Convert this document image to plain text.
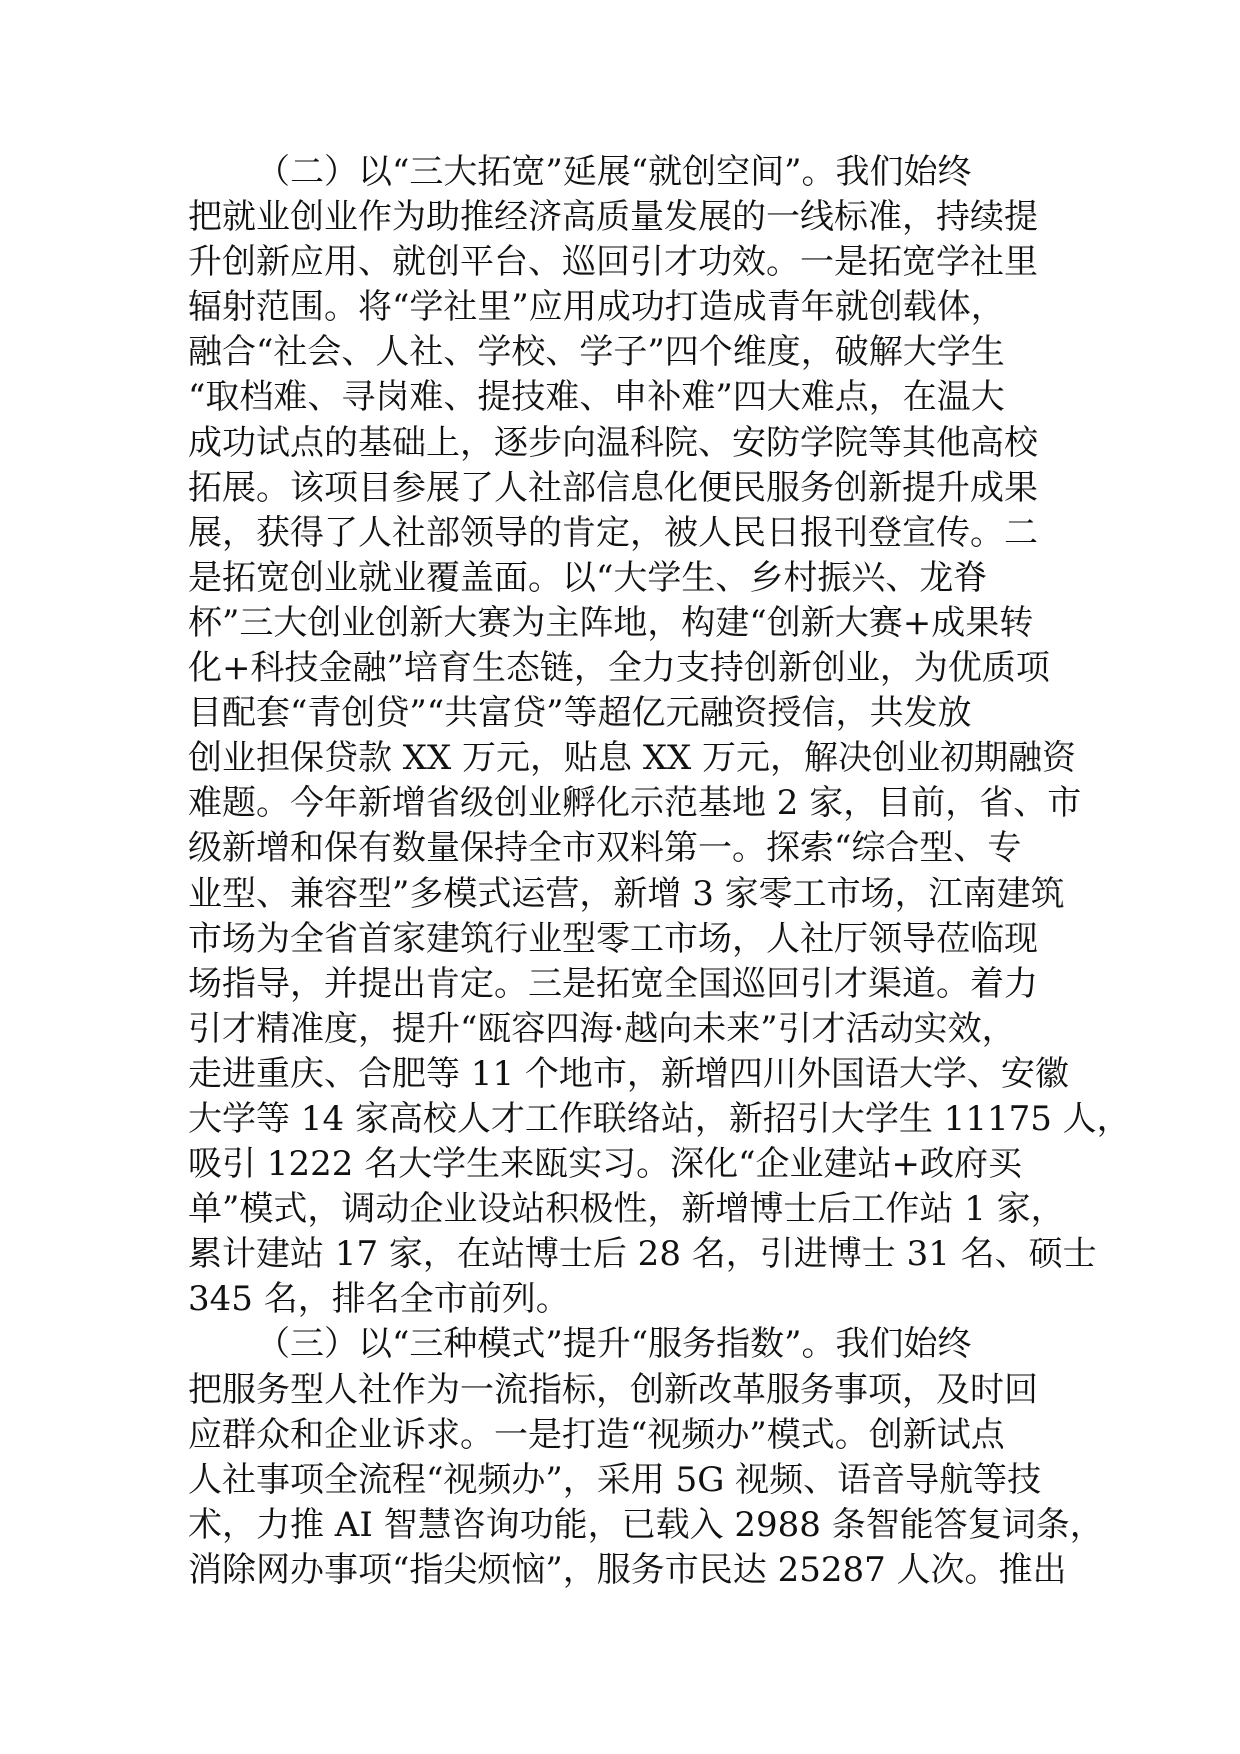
（二）以“三大拓宽”延展“就创空间”。我们始终
把就业创业作为助推经济高质量发展的一线标准，持续提
升创新应用、就创平台、巡回引才功效。一是拓宽学社里
辐射范围。将“学社里”应用成功打造成青年就创载体，
融合“社会、人社、学校、学子”四个维度，破解大学生
“取档难、寻岗难、提技难、申补难”四大难点，在温大
成功试点的基础上，逐步向温科院、安防学院等其他高校
拓展。该项目参展了人社部信息化便民服务创新提升成果
展，获得了人社部领导的肯定，被人民日报刊登宣传。二
是拓宽创业就业覆盖面。以“大学生、乡村振兴、龙脊
杯”三大创业创新大赛为主阵地，构建“创新大赛+成果转
化+科技金融”培育生态链，全力支持创新创业，为优质项
目配套“青创贷”“共富贷”等超亿元融资授信，共发放
创业担保贷款 XX 万元，贴息 XX 万元，解决创业初期融资
难题。今年新增省级创业孵化示范基地 2 家，目前，省、市
级新增和保有数量保持全市双料第一。探索“综合型、专
业型、兼容型”多模式运营，新增 3 家零工市场，江南建筑
市场为全省首家建筑行业型零工市场，人社厅领导莅临现
场指导，并提出肯定。三是拓宽全国巡回引才渠道。着力
引才精准度，提升“瓯容四海·越向未来”引才活动实效，
走进重庆、合肥等 11 个地市，新增四川外国语大学、安徽
大学等 14 家高校人才工作联络站，新招引大学生 11175 人，
吸引 1222 名大学生来瓯实习。深化“企业建站+政府买
单”模式，调动企业设站积极性，新增博士后工作站 1 家，
累计建站 17 家，在站博士后 28 名，引进博士 31 名、硕士
345 名，排名全市前列。
（三）以“三种模式”提升“服务指数”。我们始终
把服务型人社作为一流指标，创新改革服务事项，及时回
应群众和企业诉求。一是打造“视频办”模式。创新试点
人社事项全流程“视频办”，采用 5G 视频、语音导航等技
术，力推 AI 智慧咨询功能，已载入 2988 条智能答复词条，
消除网办事项“指尖烦恼”，服务市民达 25287 人次。推出
